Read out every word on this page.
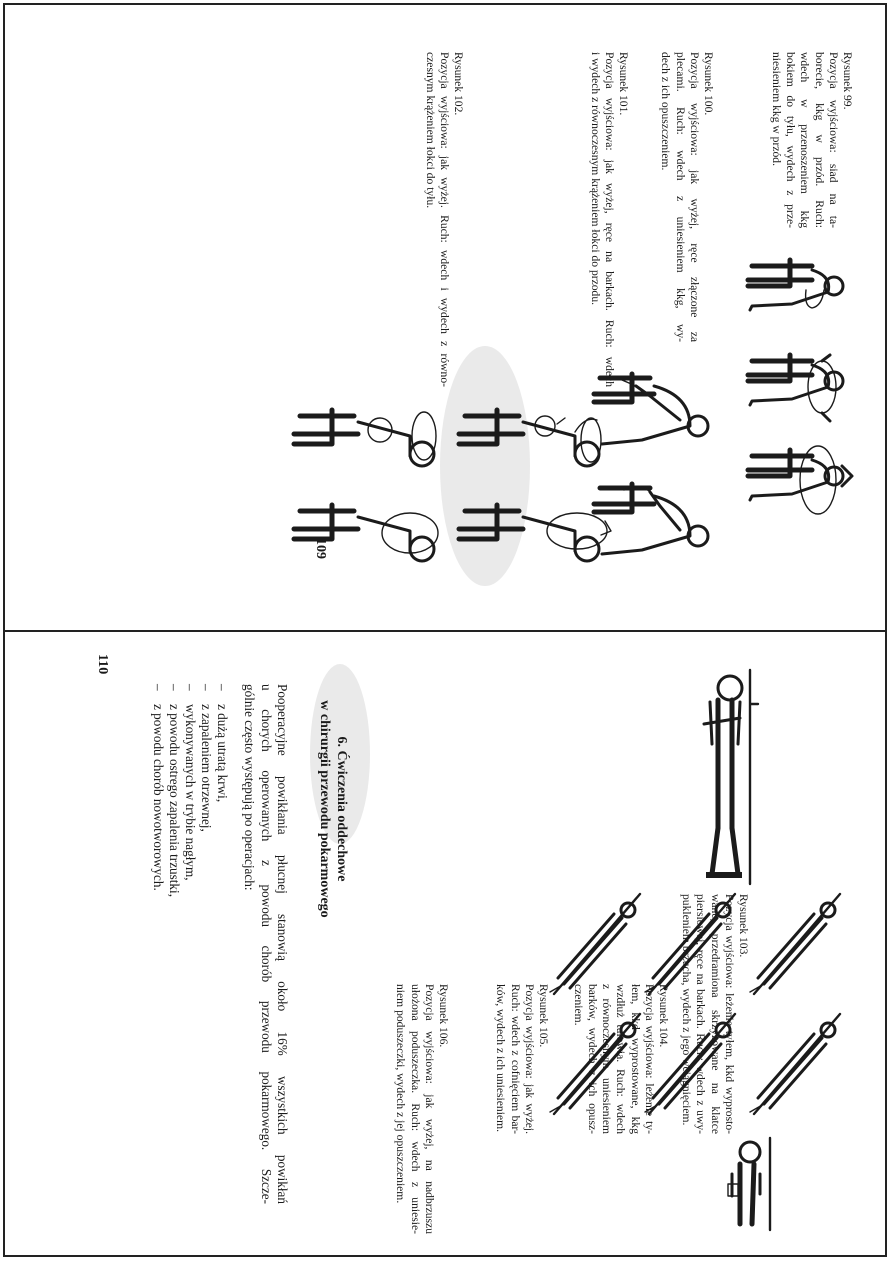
Rysunek 99.
Pozycja wyjściowa: siad na ta-
borecie, kkg w przód. Ruch:
wdech w przenoszeniem kkg
bokiem do tyłu, wydech z prze-
niesieniem kkg w przód.
Rysunek 100.
Pozycja wyjściowa: jak wyżej, ręce złączone za
plecami. Ruch: wdech z uniesieniem kkg, wy-
dech z ich opuszczeniem.
Rysunek 101.
Pozycja wyjściowa: jak wyżej, ręce na barkach. Ruch: wdech
i wydech z równoczesnym krążeniem łokci do przodu.
Rysunek 102.
Pozycja wyjściowa: jak wyżej. Ruch: wdech i wydech z równo-
czesnym krążeniem łokci do tyłu.
109
Rysunek 103.
Pozycja wyjściowa: leżenie tyłem, kkd wyprosto-
wane, przedramiona skrzyżowane na klatce
piersiowej, ręce na barkach. Ruch: wdech z uwy-
pukleniem brzucha, wydech z jego wciągnięciem.
Rysunek 104.
Pozycja wyjściowa: leżenie ty-
łem, kkd wyprostowane, kkg
wzdłuż tułowia. Ruch: wdech
z równoczesnym uniesieniem
barków, wydech z ich opusz-
czeniem.
Rysunek 105.
Pozycja wyjściowa: jak wyżej.
Ruch: wdech z cofnięciem bar-
ków, wydech z ich uniesieniem.
Rysunek 106.
Pozycja wyjściowa: jak wyżej, na nadbrzuszu
ułożona poduszeczka. Ruch: wdech z uniesie-
niem poduszeczki, wydech z jej opuszczeniem.
6. Ćwiczenia oddechowe
w chirurgii przewodu pokarmowego
Pooperacyjne powikłania płucnej stanowią około 16% wszystkich powikłań
u chorych operowanych z powodu chorób przewodu pokarmowego. Szcze-
gólnie często występują po operacjach:
–
z dużą utratą krwi,
–
z zapaleniem otrzewnej,
–
wykonywanych w trybie nagłym,
–
z powodu ostrego zapalenia trzustki,
–
z powodu chorób nowotworowych.
110
